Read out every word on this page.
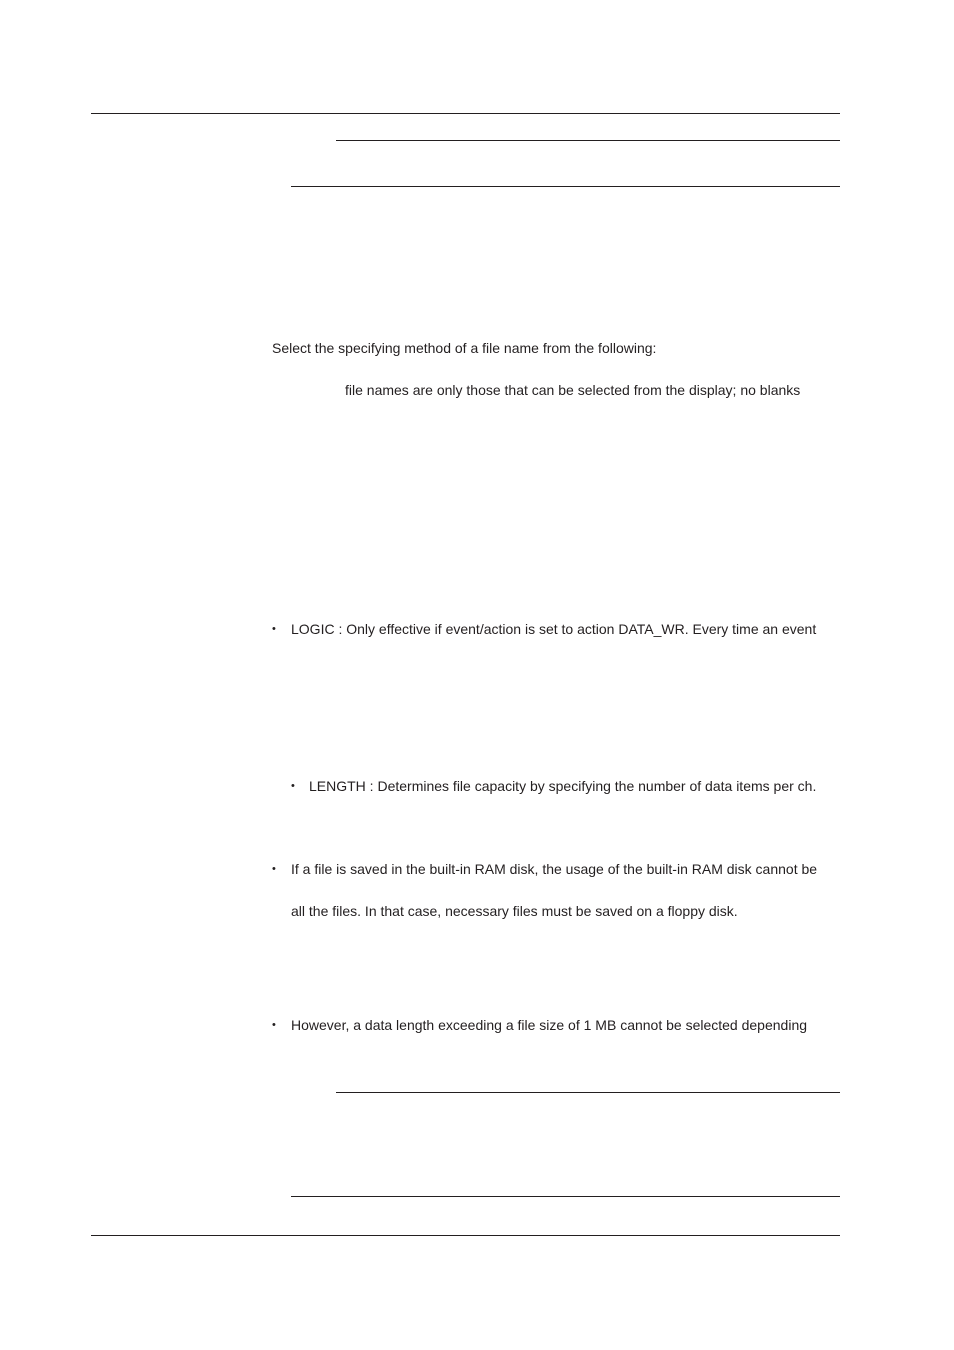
Select the specifying method of a file name from the following:
file names are only those that can be selected from the display; no blanks
• LOGIC : Only effective if event/action is set to action DATA_WR. Every time an event
• LENGTH : Determines file capacity by specifying the number of data items per ch.
• If a file is saved in the built-in RAM disk, the usage of the built-in RAM disk cannot be
all the files. In that case, necessary files must be saved on a floppy disk.
• However, a data length exceeding a file size of 1 MB cannot be selected depending
